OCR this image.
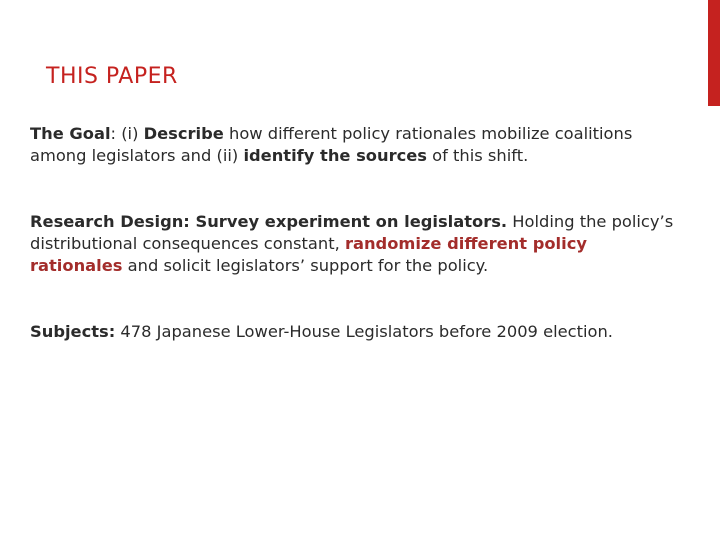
THIS PAPER

The Goal: (i) Describe how different policy rationales mobilize coalitions among legislators and (ii) identify the sources of this shift.

Research Design: Survey experiment on legislators. Holding the policy’s distributional consequences constant, randomize different policy rationales and solicit legislators’ support for the policy.

Subjects: 478 Japanese Lower-House Legislators before 2009 election.
